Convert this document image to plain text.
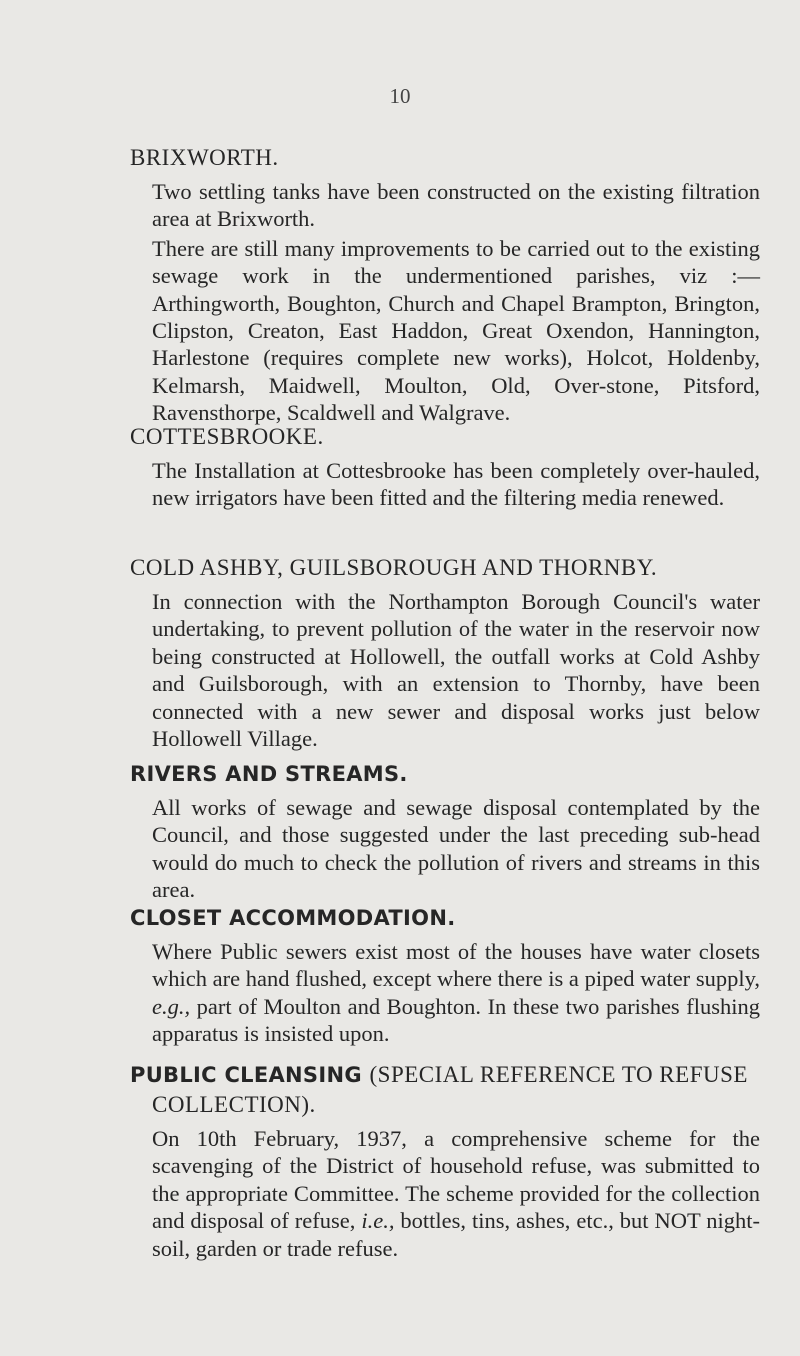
10
BRIXWORTH.

Two settling tanks have been constructed on the existing filtration area at Brixworth.

There are still many improvements to be carried out to the existing sewage work in the undermentioned parishes, viz :— Arthingworth, Boughton, Church and Chapel Brampton, Brington, Clipston, Creaton, East Haddon, Great Oxendon, Hannington, Harlestone (requires complete new works), Holcot, Holdenby, Kelmarsh, Maidwell, Moulton, Old, Over-stone, Pitsford, Ravensthorpe, Scaldwell and Walgrave.

COTTESBROOKE.

The Installation at Cottesbrooke has been completely over-hauled, new irrigators have been fitted and the filtering media renewed.

COLD ASHBY, GUILSBOROUGH AND THORNBY.

In connection with the Northampton Borough Council's water undertaking, to prevent pollution of the water in the reservoir now being constructed at Hollowell, the outfall works at Cold Ashby and Guilsborough, with an extension to Thornby, have been connected with a new sewer and disposal works just below Hollowell Village.

RIVERS AND STREAMS.

All works of sewage and sewage disposal contemplated by the Council, and those suggested under the last preceding sub-head would do much to check the pollution of rivers and streams in this area.

CLOSET ACCOMMODATION.

Where Public sewers exist most of the houses have water closets which are hand flushed, except where there is a piped water supply, e.g., part of Moulton and Boughton. In these two parishes flushing apparatus is insisted upon.

PUBLIC CLEANSING (SPECIAL REFERENCE TO REFUSE

COLLECTION).

On 10th February, 1937, a comprehensive scheme for the scavenging of the District of household refuse, was submitted to the appropriate Committee. The scheme provided for the collection and disposal of refuse, i.e., bottles, tins, ashes, etc., but NOT night-soil, garden or trade refuse.
